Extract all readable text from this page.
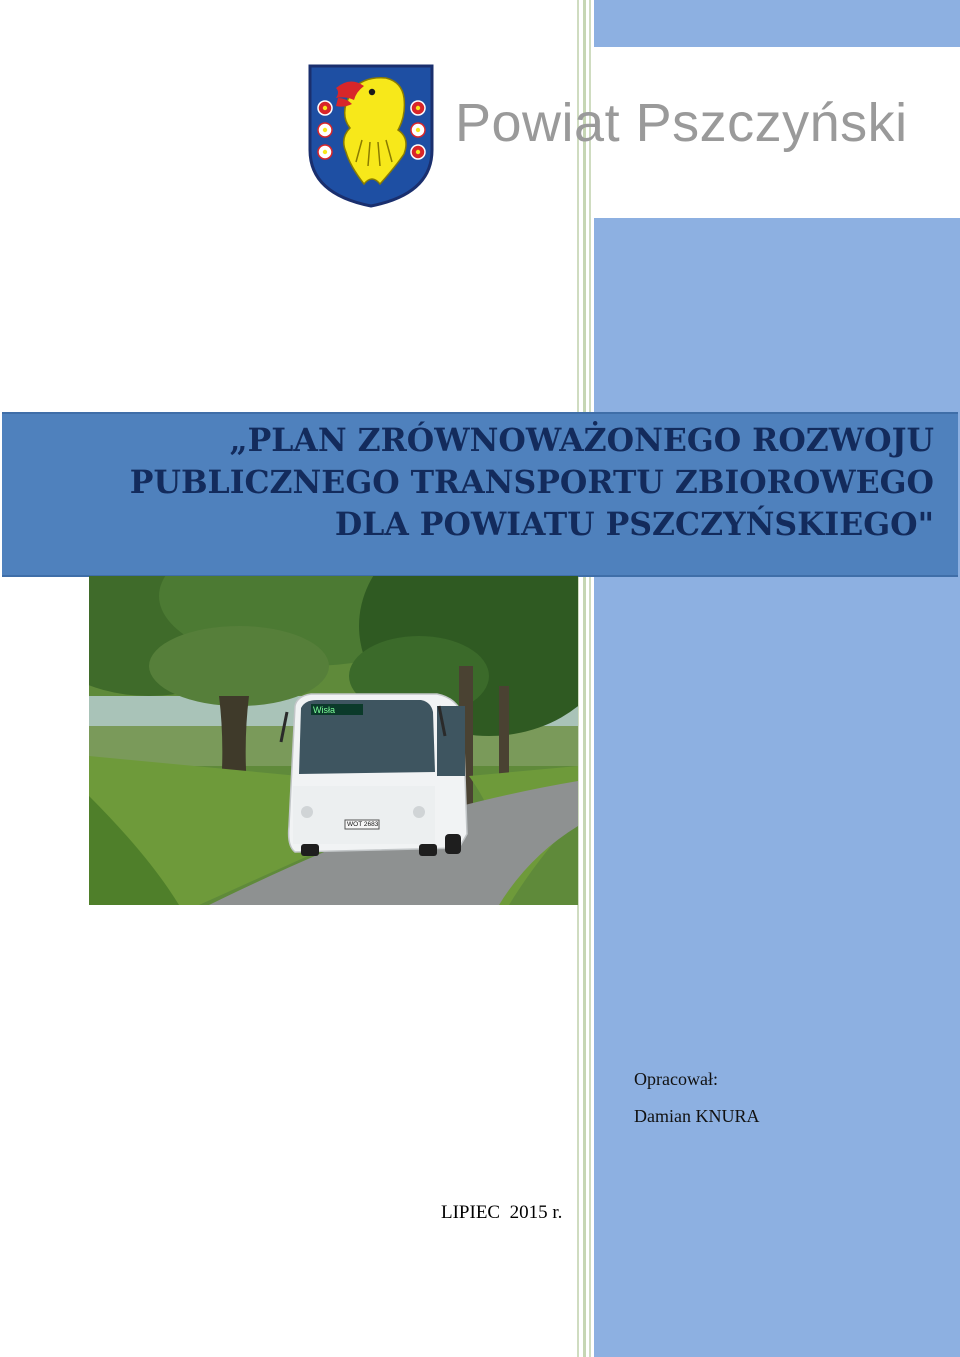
Powiat Pszczyński
„PLAN ZRÓWNOWAŻONEGO ROZWOJU
PUBLICZNEGO TRANSPORTU ZBIOROWEGO
DLA POWIATU PSZCZYŃSKIEGO"
Wisła
WOT 2683
Opracował:
Damian KNURA
LIPIEC  2015 r.
